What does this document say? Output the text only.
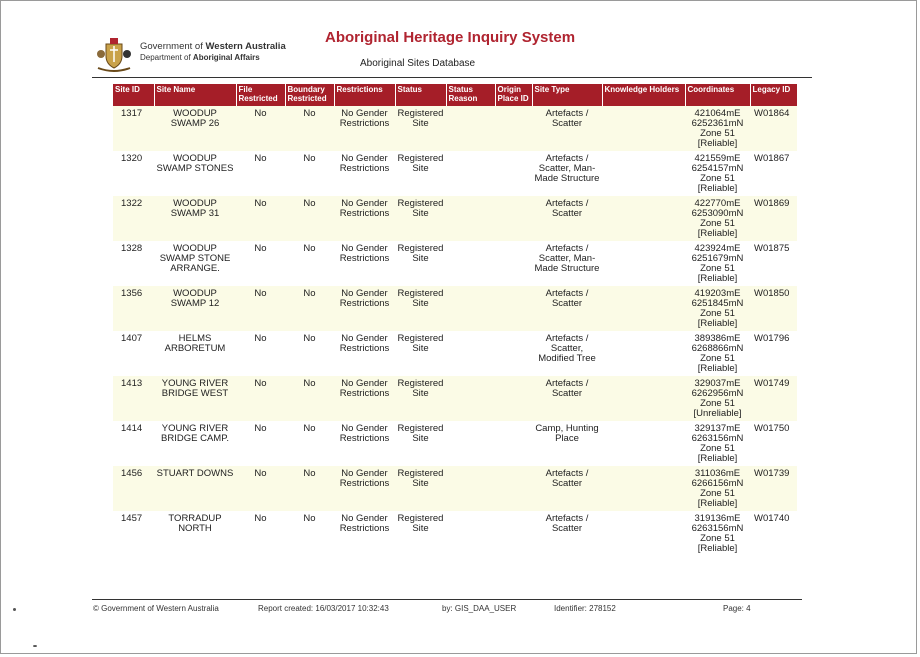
Government of Western Australia
Department of Aboriginal Affairs
Aboriginal Heritage Inquiry System
Aboriginal Sites Database
Site ID	Site Name	File Restricted	Boundary Restricted	Restrictions	Status	Status Reason	Origin Place ID	Site Type	Knowledge Holders	Coordinates	Legacy ID
1317	WOODUP SWAMP 26	No	No	No Gender Restrictions	Registered Site			Artefacts / Scatter		421064mE 6252361mN Zone 51 [Reliable]	W01864
1320	WOODUP SWAMP STONES	No	No	No Gender Restrictions	Registered Site			Artefacts / Scatter, Man-Made Structure		421559mE 6254157mN Zone 51 [Reliable]	W01867
1322	WOODUP SWAMP 31	No	No	No Gender Restrictions	Registered Site			Artefacts / Scatter		422770mE 6253090mN Zone 51 [Reliable]	W01869
1328	WOODUP SWAMP STONE ARRANGE.	No	No	No Gender Restrictions	Registered Site			Artefacts / Scatter, Man-Made Structure		423924mE 6251679mN Zone 51 [Reliable]	W01875
1356	WOODUP SWAMP 12	No	No	No Gender Restrictions	Registered Site			Artefacts / Scatter		419203mE 6251845mN Zone 51 [Reliable]	W01850
1407	HELMS ARBORETUM	No	No	No Gender Restrictions	Registered Site			Artefacts / Scatter, Modified Tree		389386mE 6268866mN Zone 51 [Reliable]	W01796
1413	YOUNG RIVER BRIDGE WEST	No	No	No Gender Restrictions	Registered Site			Artefacts / Scatter		329037mE 6262956mN Zone 51 [Unreliable]	W01749
1414	YOUNG RIVER BRIDGE CAMP.	No	No	No Gender Restrictions	Registered Site			Camp, Hunting Place		329137mE 6263156mN Zone 51 [Reliable]	W01750
1456	STUART DOWNS	No	No	No Gender Restrictions	Registered Site			Artefacts / Scatter		311036mE 6266156mN Zone 51 [Reliable]	W01739
1457	TORRADUP NORTH	No	No	No Gender Restrictions	Registered Site			Artefacts / Scatter		319136mE 6263156mN Zone 51 [Reliable]	W01740
© Government of Western Australia	Report created: 16/03/2017 10:32:43	by: GIS_DAA_USER	Identifier: 278152	Page: 4
